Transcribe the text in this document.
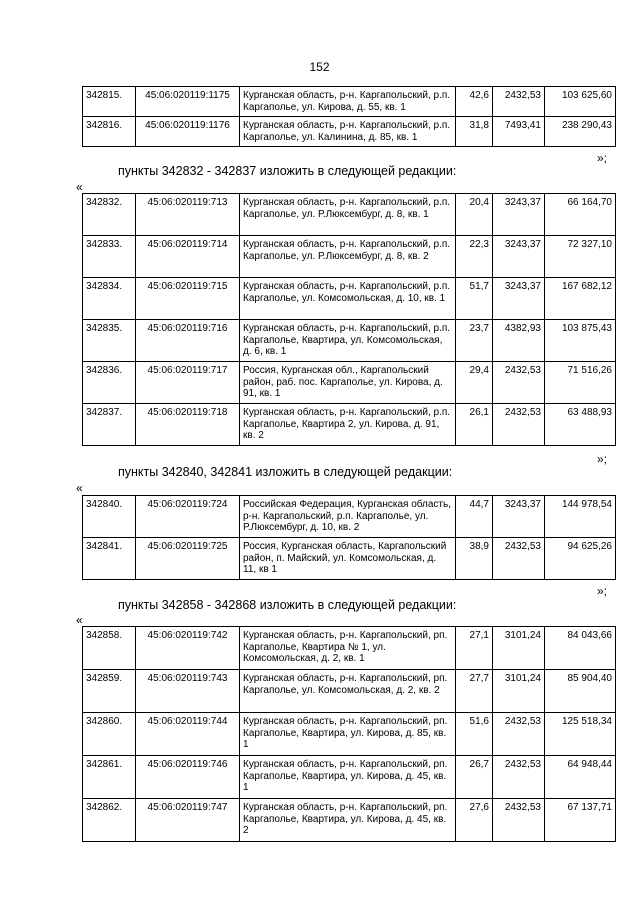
152
342815.	45:06:020119:1175	Курганская область, р-н. Каргапольский, р.п. Каргаполье, ул. Кирова, д. 55, кв. 1	42,6	2432,53	103 625,60
342816.	45:06:020119:1176	Курганская область, р-н. Каргапольский, р.п. Каргаполье, ул. Калинина, д. 85, кв. 1	31,8	7493,41	238 290,43
»;
пункты 342832 - 342837 изложить в следующей редакции:
«
342832.	45:06:020119:713	Курганская область, р-н. Каргапольский, р.п. Каргаполье, ул. Р.Люксембург, д. 8, кв. 1	20,4	3243,37	66 164,70
342833.	45:06:020119:714	Курганская область, р-н. Каргапольский, р.п. Каргаполье, ул. Р.Люксембург, д. 8, кв. 2	22,3	3243,37	72 327,10
342834.	45:06:020119:715	Курганская область, р-н. Каргапольский, р.п. Каргаполье, ул. Комсомольская, д. 10, кв. 1	51,7	3243,37	167 682,12
342835.	45:06:020119:716	Курганская область, р-н. Каргапольский, р.п. Каргаполье, Квартира, ул. Комсомольская, д. 6, кв. 1	23,7	4382,93	103 875,43
342836.	45:06:020119:717	Россия, Курганская обл., Каргапольский район, раб. пос. Каргаполье, ул. Кирова, д. 91, кв. 1	29,4	2432,53	71 516,26
342837.	45:06:020119:718	Курганская область, р-н. Каргапольский, р.п. Каргаполье, Квартира 2, ул. Кирова, д. 91, кв. 2	26,1	2432,53	63 488,93
»;
пункты 342840, 342841 изложить в следующей редакции:
«
342840.	45:06:020119:724	Российская Федерация, Курганская область, р-н. Каргапольский, р.п. Каргаполье, ул. Р.Люксембург, д. 10, кв. 2	44,7	3243,37	144 978,54
342841.	45:06:020119:725	Россия, Курганская область, Каргапольский район, п. Майский, ул. Комсомольская, д. 11, кв 1	38,9	2432,53	94 625,26
»;
пункты 342858 - 342868 изложить в следующей редакции:
«
342858.	45:06:020119:742	Курганская область, р-н. Каргапольский, рп. Каргаполье, Квартира № 1, ул. Комсомольская, д. 2, кв. 1	27,1	3101,24	84 043,66
342859.	45:06:020119:743	Курганская область, р-н. Каргапольский, рп. Каргаполье, ул. Комсомольская, д. 2, кв. 2	27,7	3101,24	85 904,40
342860.	45:06:020119:744	Курганская область, р-н. Каргапольский, рп. Каргаполье, Квартира, ул. Кирова, д. 85, кв. 1	51,6	2432,53	125 518,34
342861.	45:06:020119:746	Курганская область, р-н. Каргапольский, рп. Каргаполье, Квартира, ул. Кирова, д. 45, кв. 1	26,7	2432,53	64 948,44
342862.	45:06:020119:747	Курганская область, р-н. Каргапольский, рп. Каргаполье, Квартира, ул. Кирова, д. 45, кв. 2	27,6	2432,53	67 137,71
